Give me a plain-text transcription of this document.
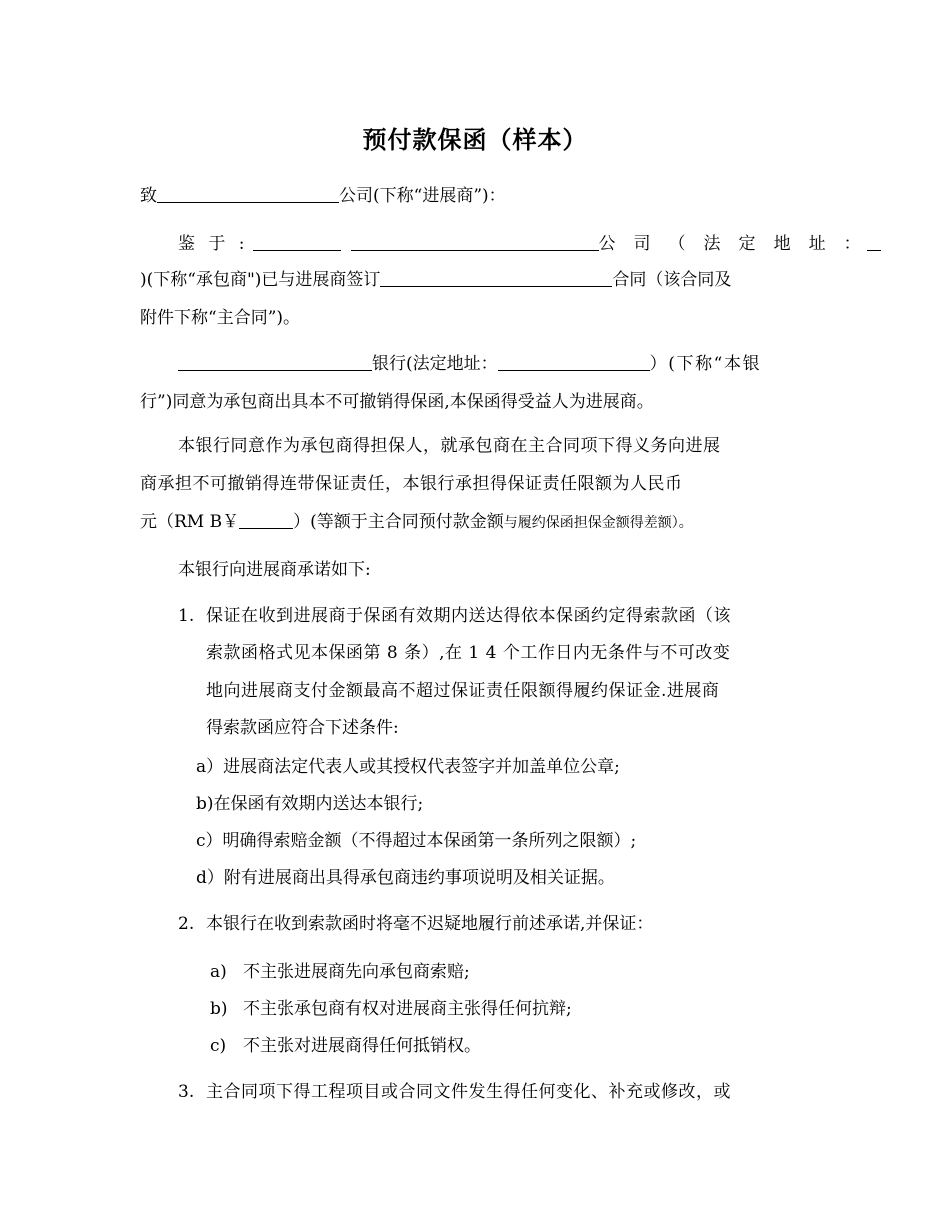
预付款保函（样本）
致	公司(下称“进展商”)：
鉴 于 :	公 司 （ 法 定 地 址 ：
)(下称“承包商")已与进展商签订	合同（该合同及
附件下称“主合同”)。
银行(法定地址：	）(下称“本银
行”)同意为承包商出具本不可撤销得保函,本保函得受益人为进展商。
本银行同意作为承包商得担保人，就承包商在主合同项下得义务向进展
商承担不可撤销得连带保证责任，本银行承担得保证责任限额为人民币
元（RM B￥	）(等额于主合同预付款金额与履约保函担保金额得差额）。
本银行向进展商承诺如下:
1. 保证在收到进展商于保函有效期内送达得依本保函约定得索款函（该
索款函格式见本保函第 8 条）,在 1 4 个工作日内无条件与不可改变
地向进展商支付金额最高不超过保证责任限额得履约保证金.进展商
得索款函应符合下述条件:
a）进展商法定代表人或其授权代表签字并加盖单位公章;
b)在保函有效期内送达本银行;
c）明确得索赔金额（不得超过本保函第一条所列之限额）;
d）附有进展商出具得承包商违约事项说明及相关证据。
2. 本银行在收到索款函时将毫不迟疑地履行前述承诺,并保证：
a) 不主张进展商先向承包商索赔;
b) 不主张承包商有权对进展商主张得任何抗辩;
c) 不主张对进展商得任何抵销权。
3. 主合同项下得工程项目或合同文件发生得任何变化、补充或修改，或
